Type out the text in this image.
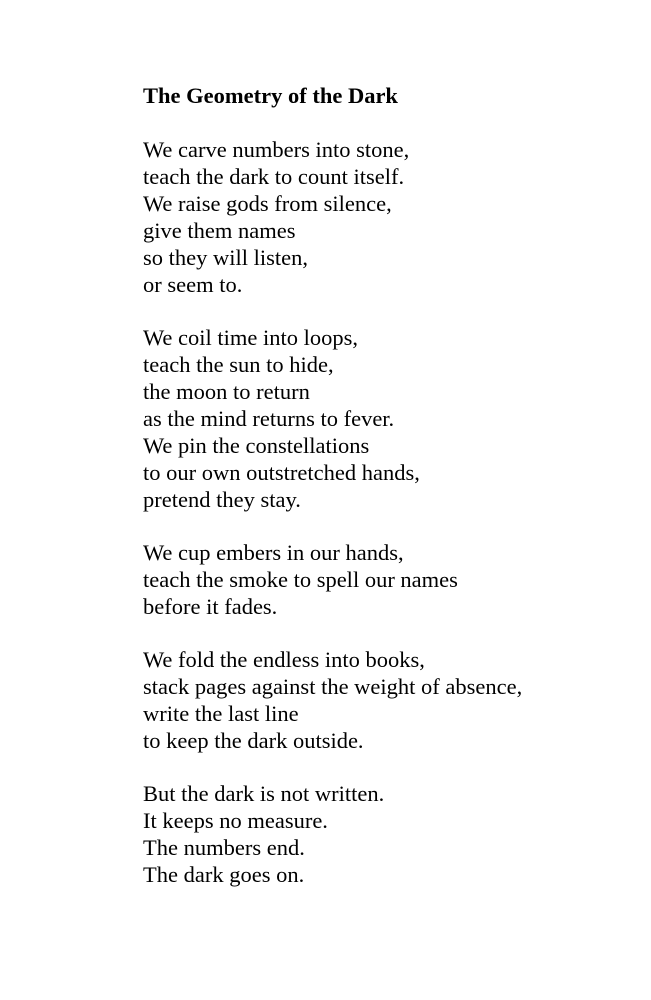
The Geometry of the Dark
We carve numbers into stone,
teach the dark to count itself.
We raise gods from silence,
give them names
so they will listen,
or seem to.
We coil time into loops,
teach the sun to hide,
the moon to return
as the mind returns to fever.
We pin the constellations
to our own outstretched hands,
pretend they stay.
We cup embers in our hands,
teach the smoke to spell our names
before it fades.
We fold the endless into books,
stack pages against the weight of absence,
write the last line
to keep the dark outside.
But the dark is not written.
It keeps no measure.
The numbers end.
The dark goes on.
